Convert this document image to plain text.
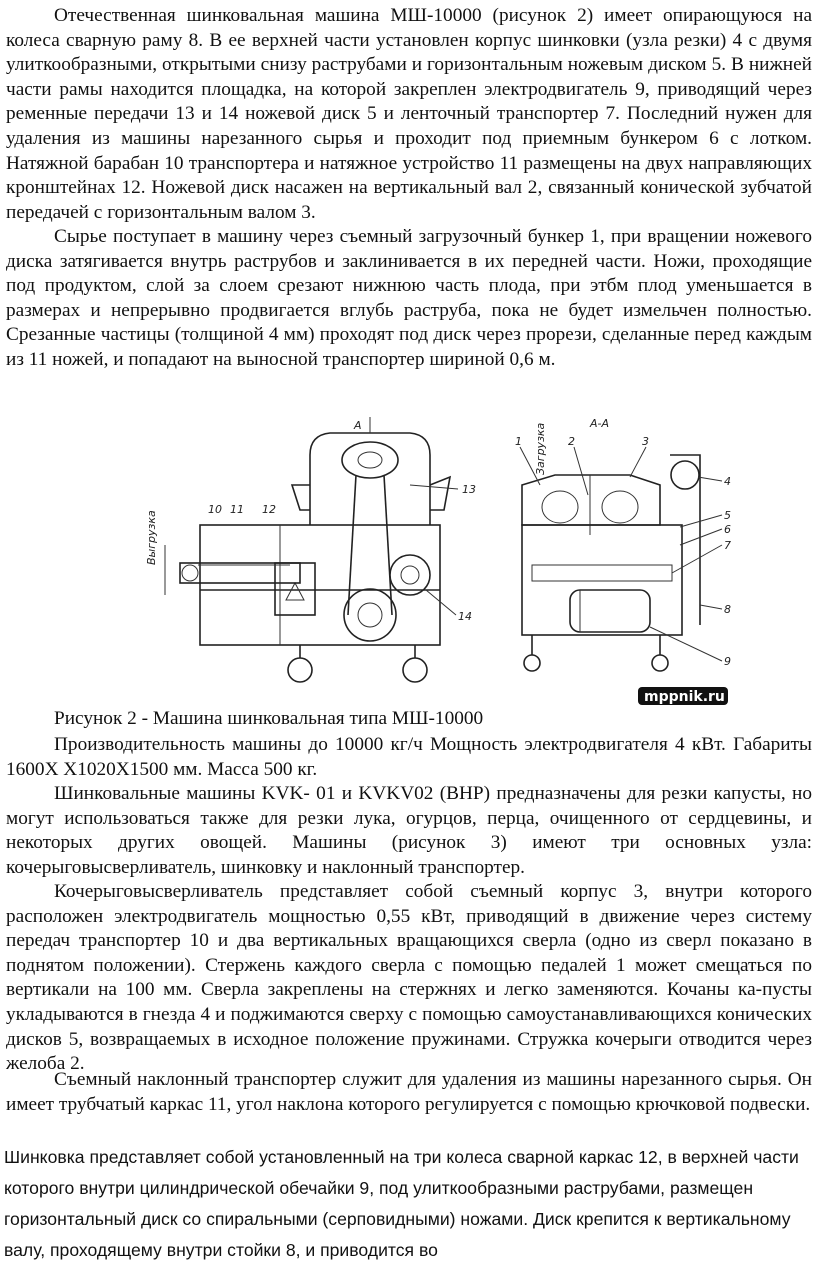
Отечественная шинковальная машина МШ-10000 (рисунок 2) имеет опирающуюся на колеса сварную раму 8. В ее верхней части установлен корпус шинковки (узла резки) 4 с двумя улиткообразными, открытыми снизу раструбами и горизонтальным ножевым диском 5. В нижней части рамы находится площадка, на которой закреплен электродвигатель 9, приводящий через ременные передачи 13 и 14 ножевой диск 5 и ленточный транспортер 7. Последний нужен для удаления из машины нарезанного сырья и проходит под приемным бункером 6 с лотком. Натяжной барабан 10 транспортера и натяжное устройство 11 размещены на двух направляющих кронштейнах 12. Ножевой диск насажен на вертикальный вал 2, связанный конической зубчатой передачей с горизонтальным валом 3.

Сырье поступает в машину через съемный загрузочный бункер 1, при вращении ножевого диска затягивается внутрь раструбов и заклинивается в их передней части. Ножи, проходящие под продуктом, слой за слоем срезают нижнюю часть плода, при этбм плод уменьшается в размерах и непрерывно продвигается вглубь раструба, пока не будет измельчен полностью. Срезанные частицы (толщиной 4 мм) проходят под диск через прорези, сделанные перед каждым из 11 ножей, и попадают на выносной транспортер шириной 0,6 м.

А
Выгрузка
10 11 12
13
14
А-А
Загрузка
1	2	3
4
5
6
7
8
9
mppnik.ru

Рисунок 2 - Машина шинковальная типа МШ-10000

Производительность машины до 10000 кг/ч Мощность электродвигателя 4 кВт. Габариты 1600X X1020X1500 мм. Масса 500 кг.

Шинковальные машины KVK- 01 и KVKV02 (ВНР) предназначены для резки капусты, но могут использоваться также для резки лука, огурцов, перца, очищенного от сердцевины, и некоторых других овощей. Машины (рисунок 3) имеют три основных узла: кочерыговысверливатель, шинковку и наклонный транспортер.

Кочерыговысверливатель представляет собой съемный корпус 3, внутри которого расположен электродвигатель мощностью 0,55 кВт, приводящий в движение через систему передач транспортер 10 и два вертикальных вращающихся сверла (одно из сверл показано в поднятом положении). Стержень каждого сверла с помощью педалей 1 может смещаться по вертикали на 100 мм. Сверла закреплены на стержнях и легко заменяются. Кочаны ка-пусты укладываются в гнезда 4 и поджимаются сверху с помощью самоустанавливающихся конических дисков 5, возвращаемых в исходное положение пружинами. Стружка кочерыги отводится через желоба 2.

Съемный наклонный транспортер служит для удаления из машины нарезанного сырья. Он имеет трубчатый каркас 11, угол наклона которого регулируется с помощью крючковой подвески.

Шинковка представляет собой установленный на три колеса сварной каркас 12, в верхней части которого внутри цилиндрической обечайки 9, под улиткообразными раструбами, размещен горизонтальный диск со спиральными (серповидными) ножами. Диск крепится к вертикальному валу, проходящему внутри стойки 8, и приводится во
